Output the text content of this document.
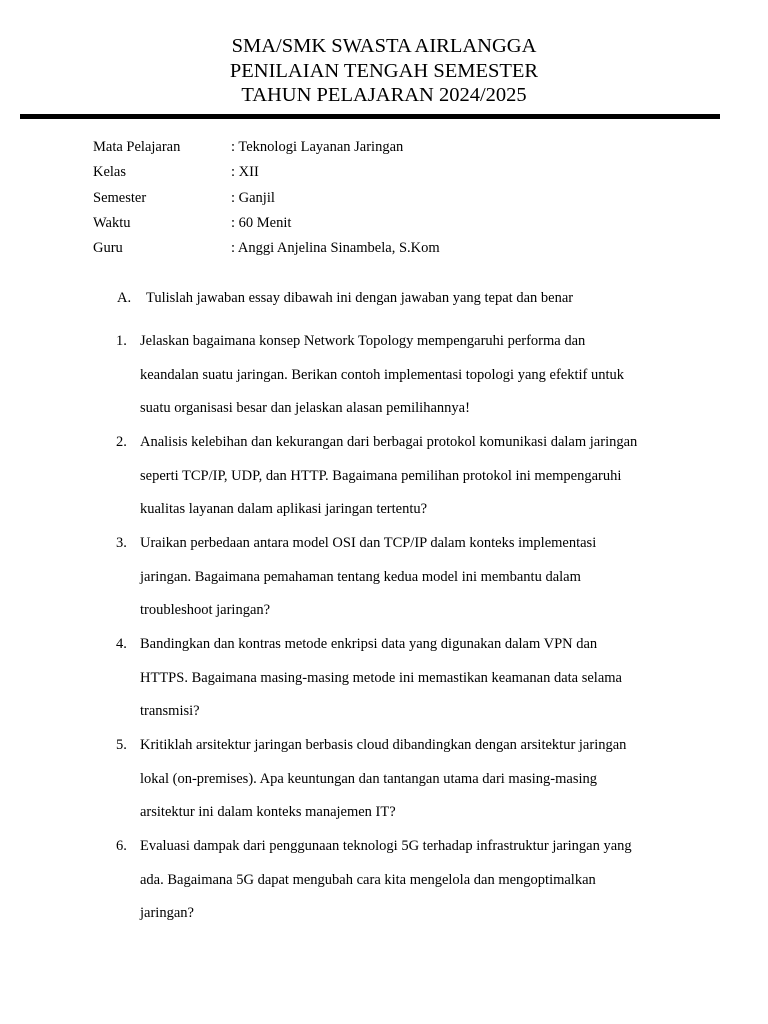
SMA/SMK SWASTA AIRLANGGA
PENILAIAN TENGAH SEMESTER
TAHUN PELAJARAN 2024/2025
Mata Pelajaran	: Teknologi Layanan Jaringan
Kelas	: XII
Semester	: Ganjil
Waktu	: 60 Menit
Guru	: Anggi Anjelina Sinambela, S.Kom
A. Tulislah jawaban essay dibawah ini dengan jawaban yang tepat dan benar
1. Jelaskan bagaimana konsep Network Topology mempengaruhi performa dan
keandalan suatu jaringan. Berikan contoh implementasi topologi yang efektif untuk
suatu organisasi besar dan jelaskan alasan pemilihannya!
2. Analisis kelebihan dan kekurangan dari berbagai protokol komunikasi dalam jaringan
seperti TCP/IP, UDP, dan HTTP. Bagaimana pemilihan protokol ini mempengaruhi
kualitas layanan dalam aplikasi jaringan tertentu?
3. Uraikan perbedaan antara model OSI dan TCP/IP dalam konteks implementasi
jaringan. Bagaimana pemahaman tentang kedua model ini membantu dalam
troubleshoot jaringan?
4. Bandingkan dan kontras metode enkripsi data yang digunakan dalam VPN dan
HTTPS. Bagaimana masing-masing metode ini memastikan keamanan data selama
transmisi?
5. Kritiklah arsitektur jaringan berbasis cloud dibandingkan dengan arsitektur jaringan
lokal (on-premises). Apa keuntungan dan tantangan utama dari masing-masing
arsitektur ini dalam konteks manajemen IT?
6. Evaluasi dampak dari penggunaan teknologi 5G terhadap infrastruktur jaringan yang
ada. Bagaimana 5G dapat mengubah cara kita mengelola dan mengoptimalkan
jaringan?
